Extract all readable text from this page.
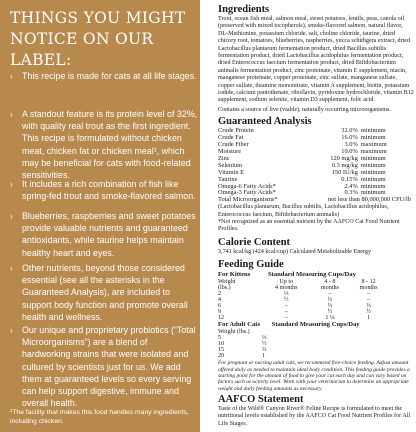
THINGS YOU MIGHT
NOTICE ON OUR LABEL:
› This recipe is made for cats at all life stages.
› A standout feature is its protein level of 32%, with quality real trout as the first ingredient. This recipe is formulated without chicken meat, chicken fat or chicken meal¹, which may be beneficial for cats with food-related sensitivities.
› It includes a rich combination of fish like spring-fed trout and smoke-flavored salmon.
› Blueberries, raspberries and sweet potatoes provide valuable nutrients and guaranteed antioxidants, while taurine helps maintain healthy heart and eyes.
› Other nutrients, beyond those considered essential (see all the asterisks in the Guaranteed Analysis), are included to support body function and promote overall health and wellness.
› Our unique and proprietary probiotics (“Total Microorganisms”) are a blend of hardworking strains that were isolated and cultured by scientists just for us. We add them at guaranteed levels so every serving can help support digestive, immune and overall health.
¹The facility that makes this food handles many ingredients, including chicken.

Ingredients

Trout, ocean fish meal, salmon meal, sweet potatoes, lentils, peas, canola oil (preserved with mixed tocopherols), smoke-flavored salmon, natural flavor, DL-Methionine, potassium chloride, salt, choline chloride, taurine, dried chicory root, tomatoes, blueberries, raspberries, yucca schidigera extract, dried Lactobacillus plantarum fermentation product, dried Bacillus subtilis fermentation product, dried Lactobacillus acidophilus fermentation product, dried Enterococcus faecium fermentation product, dried Bifidobacterium animalis fermentation product, zinc proteinate, vitamin E supplement, niacin, manganese proteinate, copper proteinate, zinc sulfate, manganese sulfate, copper sulfate, thiamine mononitrate, vitamin A supplement, biotin, potassium iodide, calcium pantothenate, riboflavin, pyridoxine hydrochloride, vitamin B12 supplement, sodium selenite, vitamin D3 supplement, folic acid.

Contains a source of live (viable), naturally occurring microorganisms.

Guaranteed Analysis

Crude Protein	32.0%	minimum
Crude Fat	16.0%	minimum
Crude Fiber	3.0%	maximum
Moisture	10.0%	maximum
Zinc	120 mg/kg	minimum
Selenium	0.3 mg/kg	minimum
Vitamin E	150 IU/kg	minimum
Taurine	0.15%	minimum
Omega-6 Fatty Acids*	2.4%	minimum
Omega-3 Fatty Acids*	0.3%	minimum
Total Microorganisms*	not less than 80,000,000 CFU/lb	

(Lactobacillus plantarum, Bacillus subtilis, Lactobacillus acidophilus, Enterococcus faecium, Bifidobacterium animalis)

*Not recognized as an essential nutrient by the AAFCO Cat Food Nutrient Profiles.

Calorie Content

3,741 kcal/kg (424 kcal/cup) Calculated Metabolizable Energy

Feeding Guide

For Kittens	Standard Measuring Cups/Day
Weight	Up to	4 - 8	8 - 12
(lbs.)	4 months	months	months
2	⅓	–	–
4	½	⅓	–
6	–	⅓	⅓
9	–	½	½
12	–	1 ⅛	1
For Adult Cats Standard Measuring Cups/Day
Weight (lbs.)	
5	⅓
10	½
15	⅔
20	1

For pregnant or nursing adult cats, we recommend free-choice feeding. Adjust amount offered daily as needed to maintain ideal body condition. This feeding guide provides a starting point for the amount of food to give your cat each day and can vary based on factors such as activity level. Work with your veterinarian to determine an appropriate weight and daily feeding amounts as necessary.

AAFCO Statement

Taste of the Wild® Canyon River® Feline Recipe is formulated to meet the nutritional levels established by the AAFCO Cat Food Nutrient Profiles for All Life Stages.
